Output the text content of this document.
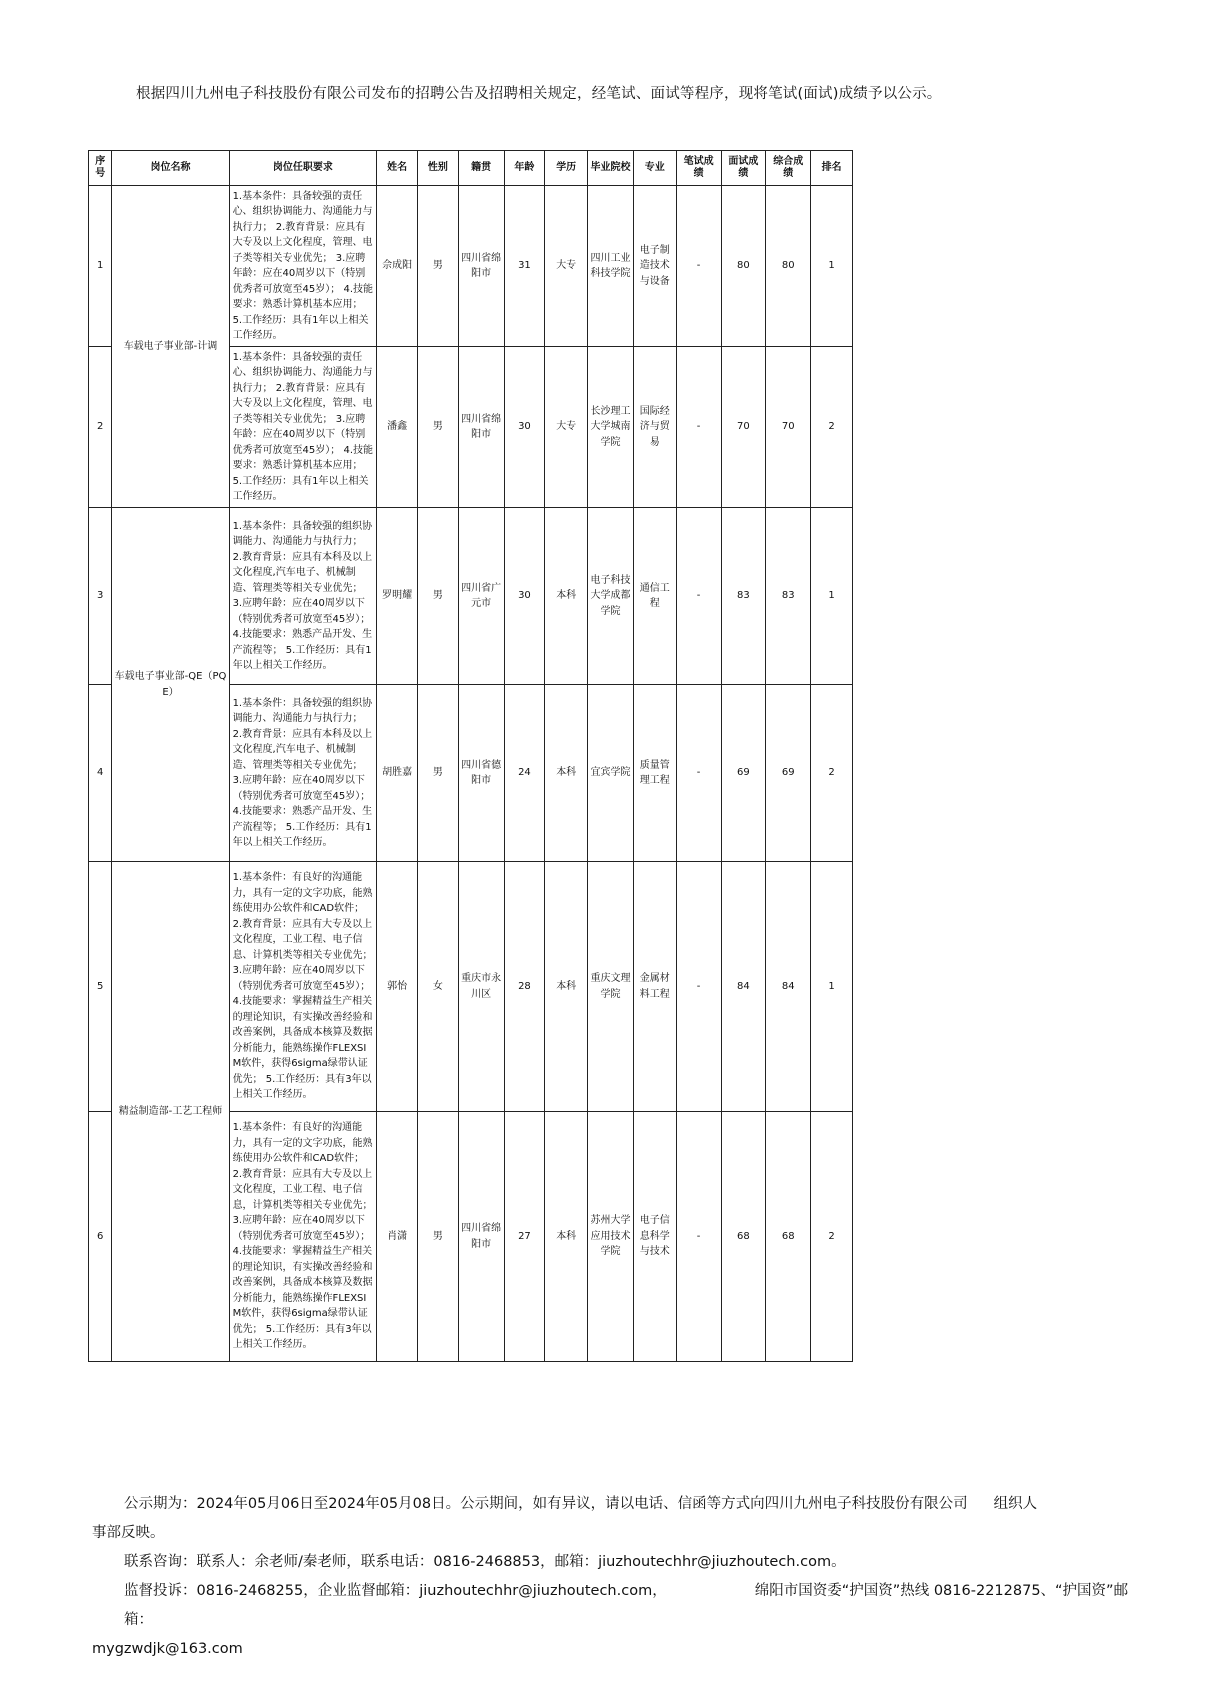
根据四川九州电子科技股份有限公司发布的招聘公告及招聘相关规定，经笔试、面试等程序，现将笔试(面试)成绩予以公示。
序号	岗位名称	岗位任职要求	姓名	性别	籍贯	年龄	学历	毕业院校	专业	笔试成绩	面试成绩	综合成绩	排名
1	车载电子事业部-计调	1.基本条件：具备较强的责任心、组织协调能力、沟通能力与执行力； 2.教育背景：应具有大专及以上文化程度，管理、电子类等相关专业优先； 3.应聘年龄：应在40周岁以下（特别优秀者可放宽至45岁）； 4.技能要求：熟悉计算机基本应用； 5.工作经历：具有1年以上相关工作经历。	佘成阳	男	四川省绵阳市	31	大专	四川工业科技学院	电子制造技术与设备	-	80	80	1
2		1.基本条件：具备较强的责任心、组织协调能力、沟通能力与执行力； 2.教育背景：应具有大专及以上文化程度，管理、电子类等相关专业优先； 3.应聘年龄：应在40周岁以下（特别优秀者可放宽至45岁）； 4.技能要求：熟悉计算机基本应用； 5.工作经历：具有1年以上相关工作经历。	潘鑫	男	四川省绵阳市	30	大专	长沙理工大学城南学院	国际经济与贸易	-	70	70	2
3	车载电子事业部-QE（PQE）	1.基本条件：具备较强的组织协调能力、沟通能力与执行力； 2.教育背景：应具有本科及以上文化程度,汽车电子、机械制造、管理类等相关专业优先； 3.应聘年龄：应在40周岁以下（特别优秀者可放宽至45岁）； 4.技能要求：熟悉产品开发、生产流程等； 5.工作经历：具有1年以上相关工作经历。	罗明耀	男	四川省广元市	30	本科	电子科技大学成都学院	通信工程	-	83	83	1
4		1.基本条件：具备较强的组织协调能力、沟通能力与执行力； 2.教育背景：应具有本科及以上文化程度,汽车电子、机械制造、管理类等相关专业优先； 3.应聘年龄：应在40周岁以下（特别优秀者可放宽至45岁）； 4.技能要求：熟悉产品开发、生产流程等； 5.工作经历：具有1年以上相关工作经历。	胡胜嘉	男	四川省德阳市	24	本科	宜宾学院	质量管理工程	-	69	69	2
5	精益制造部-工艺工程师	1.基本条件：有良好的沟通能力，具有一定的文字功底，能熟练使用办公软件和CAD软件； 2.教育背景：应具有大专及以上文化程度，工业工程、电子信息、计算机类等相关专业优先； 3.应聘年龄：应在40周岁以下（特别优秀者可放宽至45岁）； 4.技能要求：掌握精益生产相关的理论知识，有实操改善经验和改善案例，具备成本核算及数据分析能力，能熟练操作FLEXSIM软件，获得6sigma绿带认证优先； 5.工作经历：具有3年以上相关工作经历。	郭怡	女	重庆市永川区	28	本科	重庆文理学院	金属材料工程	-	84	84	1
6		1.基本条件：有良好的沟通能力，具有一定的文字功底，能熟练使用办公软件和CAD软件； 2.教育背景：应具有大专及以上文化程度，工业工程、电子信息，计算机类等相关专业优先； 3.应聘年龄：应在40周岁以下（特别优秀者可放宽至45岁）； 4.技能要求：掌握精益生产相关的理论知识，有实操改善经验和改善案例，具备成本核算及数据分析能力，能熟练操作FLEXSIM软件，获得6sigma绿带认证优先； 5.工作经历：具有3年以上相关工作经历。	肖潇	男	四川省绵阳市	27	本科	苏州大学应用技术学院	电子信息科学与技术	-	68	68	2

公示期为：2024年05月06日至2024年05月08日。公示期间，如有异议，请以电话、信函等方式向四川九州电子科技股份有限公司 组织人

事部反映。

联系咨询：联系人：余老师/秦老师，联系电话：0816-2468853，邮箱：jiuzhoutechhr@jiuzhoutech.com。

监督投诉：0816-2468255，企业监督邮箱：jiuzhoutechhr@jiuzhoutech.com，	绵阳市国资委“护国资”热线 0816-2212875、“护国资”邮箱：

mygzwdjk@163.com
